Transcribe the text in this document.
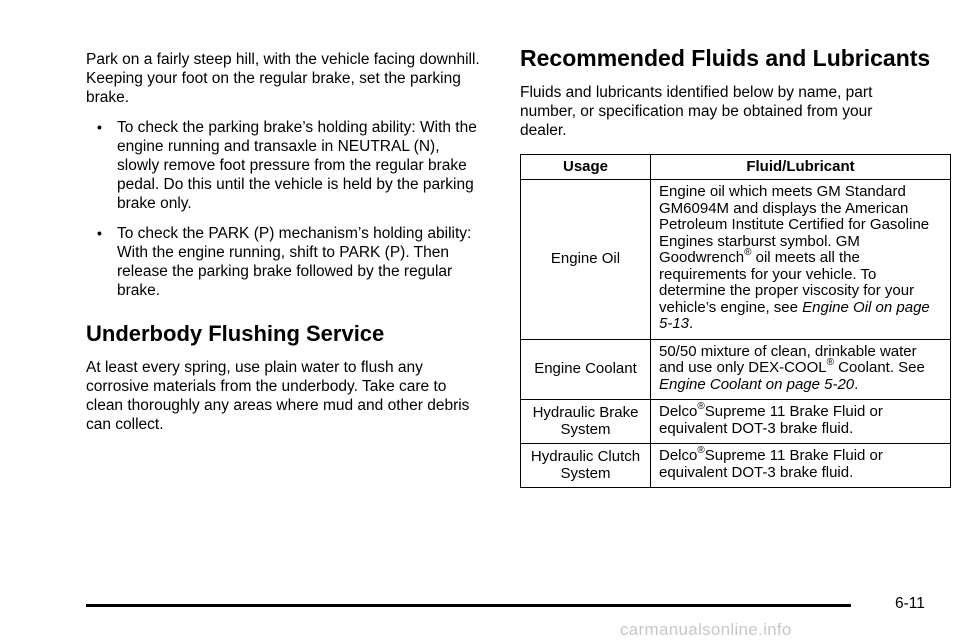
Park on a fairly steep hill, with the vehicle facing downhill. Keeping your foot on the regular brake, set the parking brake.

• To check the parking brake’s holding ability: With the engine running and transaxle in NEUTRAL (N), slowly remove foot pressure from the regular brake pedal. Do this until the vehicle is held by the parking brake only.

• To check the PARK (P) mechanism’s holding ability: With the engine running, shift to PARK (P). Then release the parking brake followed by the regular brake.

Underbody Flushing Service

At least every spring, use plain water to flush any corrosive materials from the underbody. Take care to clean thoroughly any areas where mud and other debris can collect.

Recommended Fluids and Lubricants

Fluids and lubricants identified below by name, part number, or specification may be obtained from your dealer.

Usage	Fluid/Lubricant
Engine Oil	Engine oil which meets GM Standard GM6094M and displays the American Petroleum Institute Certified for Gasoline Engines starburst symbol. GM Goodwrench® oil meets all the requirements for your vehicle. To determine the proper viscosity for your vehicle’s engine, see Engine Oil on page 5-13.
Engine Coolant	50/50 mixture of clean, drinkable water and use only DEX-COOL® Coolant. See Engine Coolant on page 5-20.
Hydraulic Brake System	Delco®Supreme 11 Brake Fluid or equivalent DOT-3 brake fluid.
Hydraulic Clutch System	Delco®Supreme 11 Brake Fluid or equivalent DOT-3 brake fluid.
6-11
carmanualsonline.info
